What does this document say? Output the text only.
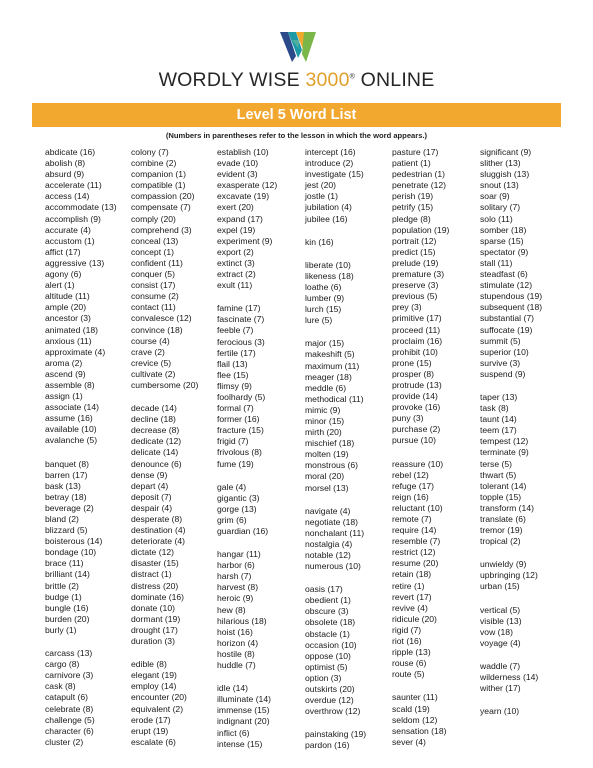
WORDLY WISE 3000® ONLINE
Level 5 Word List
(Numbers in parentheses refer to the lesson in which the word appears.)
abdicate (16)
abolish (8)
absurd (9)
accelerate (11)
access (14)
accommodate (13)
accomplish (9)
accurate (4)
accustom (1)
affict (17)
aggressive (13)
agony (6)
alert (1)
altitude (11)
ample (20)
ancestor (3)
animated (18)
anxious (11)
approximate (4)
aroma (2)
ascend (9)
assemble (8)
assign (1)
associate (14)
assume (16)
available (10)
avalanche (5)
banquet (8)
barren (17)
bask (13)
betray (18)
beverage (2)
bland (2)
blizzard (5)
boisterous (14)
bondage (10)
brace (11)
brilliant (14)
brittle (2)
budge (1)
bungle (16)
burden (20)
burly (1)
carcass (13)
cargo (8)
carnivore (3)
cask (8)
catapult (6)
celebrate (8)
challenge (5)
character (6)
cluster (2)
colony (7)
combine (2)
companion (1)
compatible (1)
compassion (20)
compensate (7)
comply (20)
comprehend (3)
conceal (13)
concept (1)
confident (11)
conquer (5)
consist (17)
consume (2)
contact (11)
convalesce (12)
convince (18)
course (4)
crave (2)
crevice (5)
cultivate (2)
cumbersome (20)
decade (14)
decline (18)
decrease (8)
dedicate (12)
delicate (14)
denounce (6)
dense (9)
depart (4)
deposit (7)
despair (4)
desperate (8)
destination (4)
deteriorate (4)
dictate (12)
disaster (15)
distract (1)
distress (20)
dominate (16)
donate (10)
dormant (19)
drought (17)
duration (3)
edible (8)
elegant (19)
employ (14)
encounter (20)
equivalent (2)
erode (17)
erupt (19)
escalate (6)
establish (10)
evade (10)
evident (3)
exasperate (12)
excavate (19)
exert (20)
expand (17)
expel (19)
experiment (9)
export (2)
extinct (3)
extract (2)
exult (11)
famine (17)
fascinate (7)
feeble (7)
ferocious (3)
fertile (17)
flail (13)
flee (15)
flimsy (9)
foolhardy (5)
formal (7)
former (16)
fracture (15)
frigid (7)
frivolous (8)
fume (19)
gale (4)
gigantic (3)
gorge (13)
grim (6)
guardian (16)
hangar (11)
harbor (6)
harsh (7)
harvest (8)
heroic (9)
hew (8)
hilarious (18)
hoist (16)
horizon (4)
hostile (8)
huddle (7)
idle (14)
illuminate (14)
immense (15)
indignant (20)
inflict (6)
intense (15)
intercept (16)
introduce (2)
investigate (15)
jest (20)
jostle (1)
jubilation (4)
jubilee (16)
kin (16)
liberate (10)
likeness (18)
loathe (6)
lumber (9)
lurch (15)
lure (5)
major (15)
makeshift (5)
maximum (11)
meager (18)
meddle (6)
methodical (11)
mimic (9)
minor (15)
mirth (20)
mischief (18)
molten (19)
monstrous (6)
moral (20)
morsel (13)
navigate (4)
negotiate (18)
nonchalant (11)
nostalgia (4)
notable (12)
numerous (10)
oasis (17)
obedient (1)
obscure (3)
obsolete (18)
obstacle (1)
occasion (10)
oppose (10)
optimist (5)
option (3)
outskirts (20)
overdue (12)
overthrow (12)
painstaking (19)
pardon (16)
pasture (17)
patient (1)
pedestrian (1)
penetrate (12)
perish (19)
petrify (15)
pledge (8)
population (19)
portrait (12)
predict (15)
prelude (19)
premature (3)
preserve (3)
previous (5)
prey (3)
primitive (17)
proceed (11)
proclaim (16)
prohibit (10)
prone (15)
prosper (8)
protrude (13)
provide (14)
provoke (16)
puny (3)
purchase (2)
pursue (10)
reassure (10)
rebel (12)
refuge (17)
reign (16)
reluctant (10)
remote (7)
require (14)
resemble (7)
restrict (12)
resume (20)
retain (18)
retire (1)
revert (17)
revive (4)
ridicule (20)
rigid (7)
riot (16)
ripple (13)
rouse (6)
route (5)
saunter (11)
scald (19)
seldom (12)
sensation (18)
sever (4)
significant (9)
slither (13)
sluggish (13)
snout (13)
soar (9)
solitary (7)
solo (11)
somber (18)
sparse (15)
spectator (9)
stall (11)
steadfast (6)
stimulate (12)
stupendous (19)
subsequent (18)
substantial (7)
suffocate (19)
summit (5)
superior (10)
survive (3)
suspend (9)
taper (13)
task (8)
taunt (14)
teem (17)
tempest (12)
terminate (9)
terse (5)
thwart (5)
tolerant (14)
topple (15)
transform (14)
translate (6)
tremor (19)
tropical (2)
unwieldy (9)
upbringing (12)
urban (15)
vertical (5)
visible (13)
vow (18)
voyage (4)
waddle (7)
wilderness (14)
wither (17)
yearn (10)
